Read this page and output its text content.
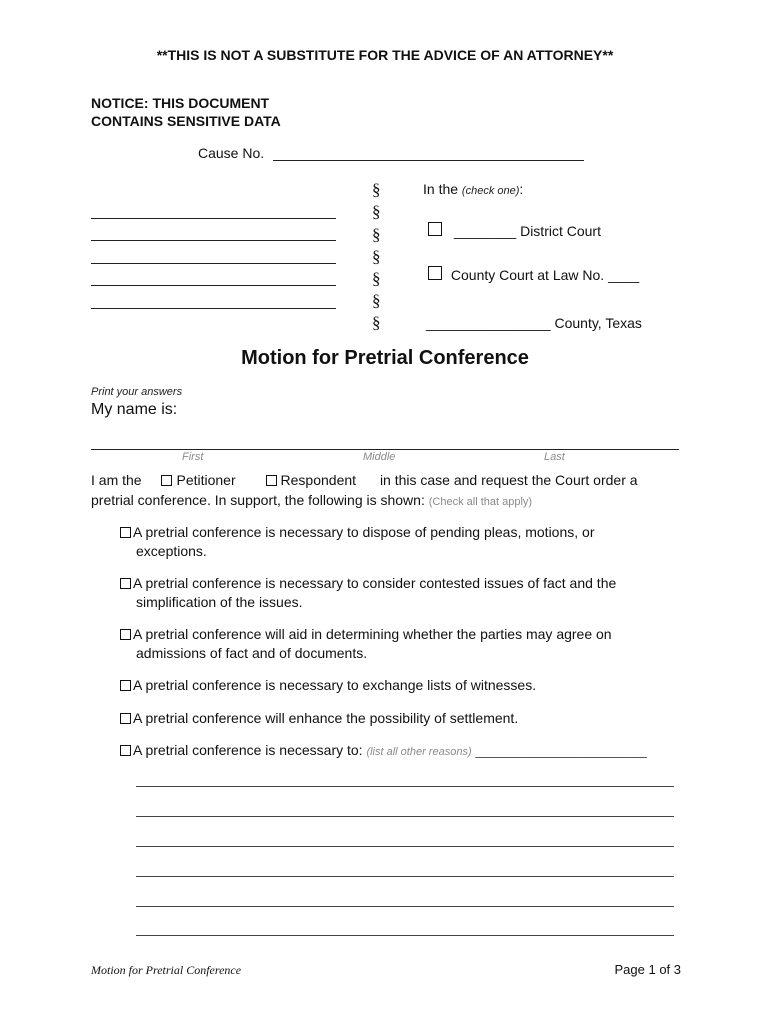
**THIS IS NOT A SUBSTITUTE FOR THE ADVICE OF AN ATTORNEY**
NOTICE: THIS DOCUMENT
CONTAINS SENSITIVE DATA
Cause No.
§
§
§
§
§
§
§
In the (check one):
________ District Court
County Court at Law No. ____
________________ County, Texas
Motion for Pretrial Conference
Print your answers
My name is:
First	Middle	Last
I am the Petitioner	Respondent in this case and request the Court order a
pretrial conference. In support, the following is shown: (Check all that apply)
A pretrial conference is necessary to dispose of pending pleas, motions, or
exceptions.
A pretrial conference is necessary to consider contested issues of fact and the
simplification of the issues.
A pretrial conference will aid in determining whether the parties may agree on
admissions of fact and of documents.
A pretrial conference is necessary to exchange lists of witnesses.
A pretrial conference will enhance the possibility of settlement.
A pretrial conference is necessary to: (list all other reasons) ______________________
Motion for Pretrial Conference	Page 1 of 3
